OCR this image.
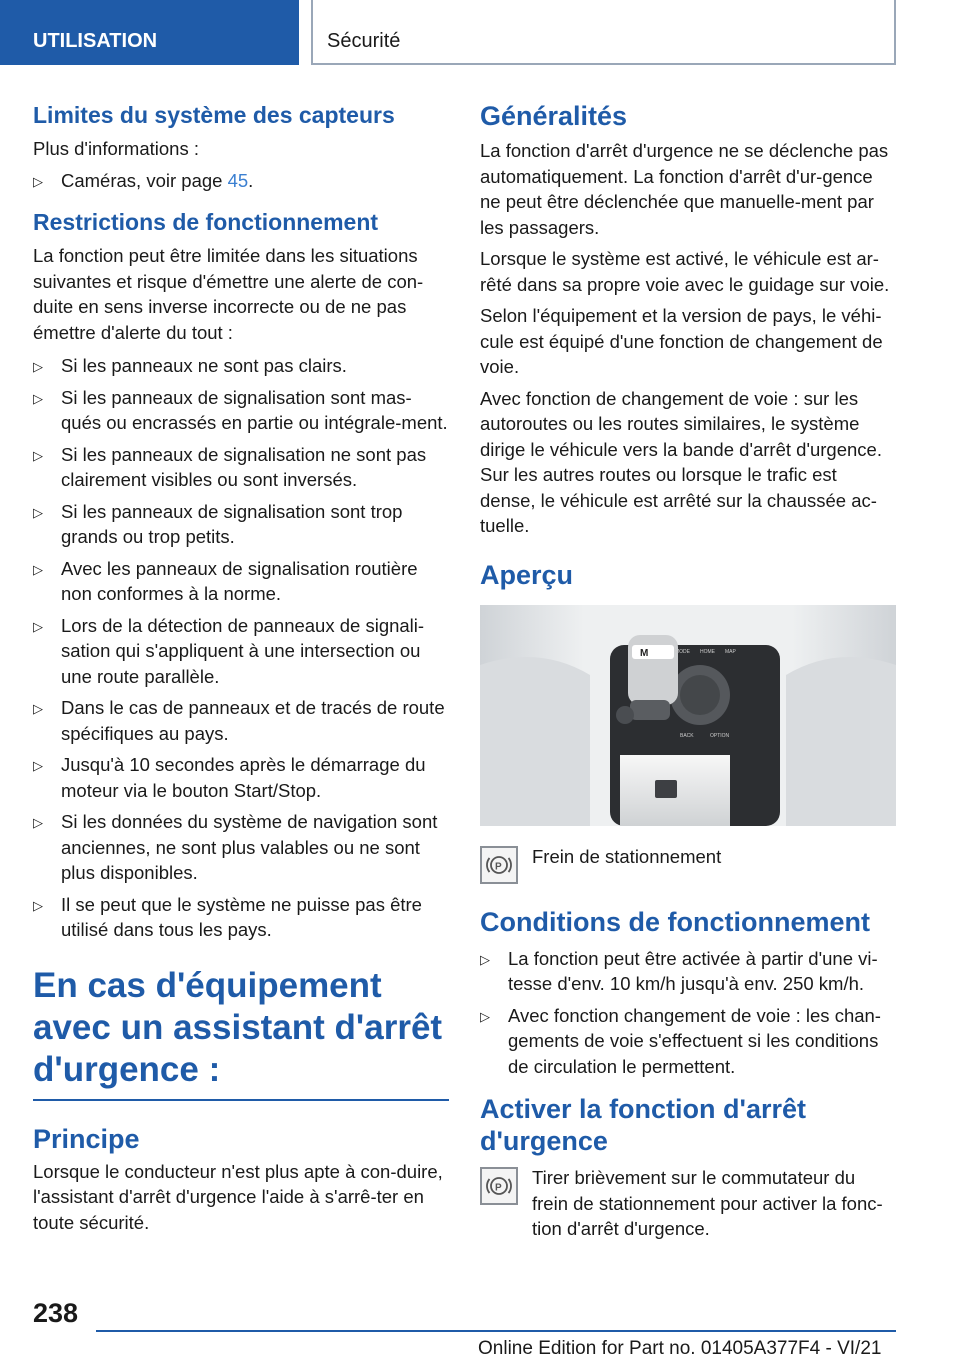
UTILISATION	Sécurité
Limites du système des capteurs
Plus d'informations :
▷ Caméras, voir page 45.
Restrictions de fonctionnement
La fonction peut être limitée dans les situations suivantes et risque d'émettre une alerte de con-duite en sens inverse incorrecte ou de ne pas émettre d'alerte du tout :
▷ Si les panneaux ne sont pas clairs.
▷ Si les panneaux de signalisation sont mas-qués ou encrassés en partie ou intégrale-ment.
▷ Si les panneaux de signalisation ne sont pas clairement visibles ou sont inversés.
▷ Si les panneaux de signalisation sont trop grands ou trop petits.
▷ Avec les panneaux de signalisation routière non conformes à la norme.
▷ Lors de la détection de panneaux de signali-sation qui s'appliquent à une intersection ou une route parallèle.
▷ Dans le cas de panneaux et de tracés de route spécifiques au pays.
▷ Jusqu'à 10 secondes après le démarrage du moteur via le bouton Start/Stop.
▷ Si les données du système de navigation sont anciennes, ne sont plus valables ou ne sont plus disponibles.
▷ Il se peut que le système ne puisse pas être utilisé dans tous les pays.
En cas d'équipement avec un assistant d'arrêt d'urgence :
Principe
Lorsque le conducteur n'est plus apte à con-duire, l'assistant d'arrêt d'urgence l'aide à s'arrê-ter en toute sécurité.
Généralités
La fonction d'arrêt d'urgence ne se déclenche pas automatiquement. La fonction d'arrêt d'ur-gence ne peut être déclenchée que manuelle-ment par les passagers.
Lorsque le système est activé, le véhicule est ar-rêté dans sa propre voie avec le guidage sur voie.
Selon l'équipement et la version de pays, le véhi-cule est équipé d'une fonction de changement de voie.
Avec fonction de changement de voie : sur les autoroutes ou les routes similaires, le système dirige le véhicule vers la bande d'arrêt d'urgence. Sur les autres routes ou lorsque le trafic est dense, le véhicule est arrêté sur la chaussée ac-tuelle.
Aperçu
M	MODE HOME MAP
BACK	OPTION
P Frein de stationnement
Conditions de fonctionnement
▷ La fonction peut être activée à partir d'une vi-tesse d'env. 10 km/h jusqu'à env. 250 km/h.
▷ Avec fonction changement de voie : les chan-gements de voie s'effectuent si les conditions de circulation le permettent.
Activer la fonction d'arrêt d'urgence
P Tirer brièvement sur le commutateur du frein de stationnement pour activer la fonc-tion d'arrêt d'urgence.
238
Online Edition for Part no. 01405A377F4 - VI/21
